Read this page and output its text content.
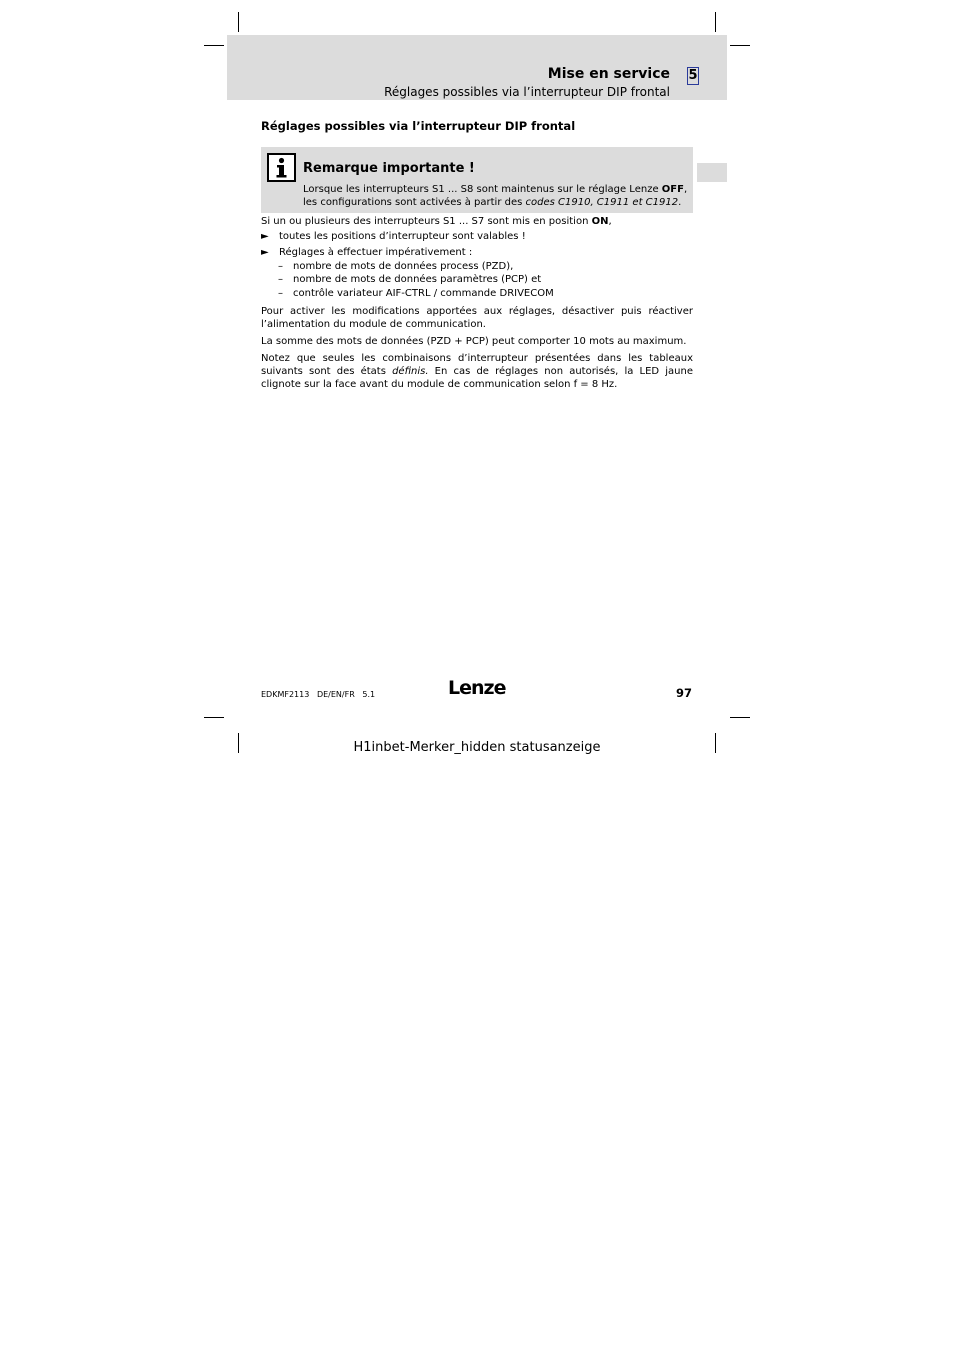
Mise en service 5
Réglages possibles via l’interrupteur DIP frontal
Réglages possibles via l’interrupteur DIP frontal
Remarque importante !
Lorsque les interrupteurs S1 ... S8 sont maintenus sur le réglage Lenze OFF, les configurations sont activées à partir des codes C1910, C1911 et C1912.
Si un ou plusieurs des interrupteurs S1 ... S7 sont mis en position ON,
►	toutes les positions d’interrupteur sont valables !
►	Réglages à effectuer impérativement :
– nombre de mots de données process (PZD),
– nombre de mots de données paramètres (PCP) et
– contrôle variateur AIF-CTRL / commande DRIVECOM
Pour activer les modifications apportées aux réglages, désactiver puis réactiver l’alimentation du module de communication.
La somme des mots de données (PZD + PCP) peut comporter 10 mots au maximum.
Notez que seules les combinaisons d’interrupteur présentées dans les tableaux suivants sont des états définis. En cas de réglages non autorisés, la LED jaune clignote sur la face avant du module de communication selon f = 8 Hz.
EDKMF2113   DE/EN/FR   5.1	Lenze	97
H1inbet-Merker_hidden statusanzeige
